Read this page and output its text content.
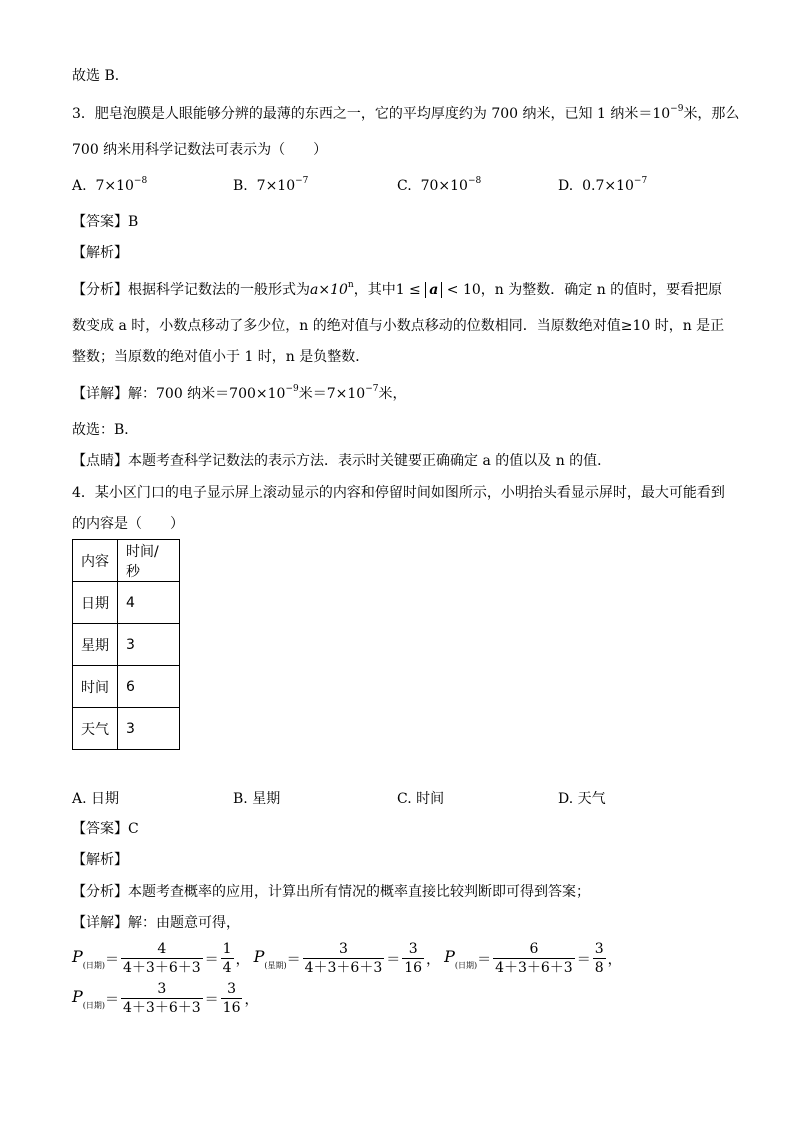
故选 B．
3．肥皂泡膜是人眼能够分辨的最薄的东西之一，它的平均厚度约为 700 纳米，已知 1 纳米$=10^{-9}$米，那么
700 纳米用科学记数法可表示为（　　）
A. $7\times 10^{-8}$	B. $7\times 10^{-7}$	C. $70\times 10^{-8}$	D. $0.7\times 10^{-7}$
【答案】B
【解析】
【分析】根据科学记数法的一般形式为$a\times 10^n$，其中1 ≤ a < 10，n 为整数．确定 n 的值时，要看把原
数变成 a 时，小数点移动了多少位，n 的绝对值与小数点移动的位数相同．当原数绝对值≥10 时，n 是正
整数；当原数的绝对值小于 1 时，n 是负整数．
【详解】解：700 纳米$=700\times 10^{-9}$米$=7\times 10^{-7}$米，
故选：B．
【点睛】本题考查科学记数法的表示方法．表示时关键要正确确定 a 的值以及 n 的值．
4．某小区门口的电子显示屏上滚动显示的内容和停留时间如图所示，小明抬头看显示屏时，最大可能看到
的内容是（　　）
内容	时间/秒
日期	4
星期	3
时间	6
天气	3
A. 日期	B. 星期	C. 时间	D. 天气
【答案】C
【解析】
【分析】本题考查概率的应用，计算出所有情况的概率直接比较判断即可得到答案；
【详解】解：由题意可得，
$P_{(日期)} = \frac{4}{4+3+6+3} = \frac{1}{4}$ ， $P_{(星期)} = \frac{3}{4+3+6+3} = \frac{3}{16}$ ， $P_{(日期)} = \frac{6}{4+3+6+3} = \frac{3}{8}$ ，
$P_{(日期)} = \frac{3}{4+3+6+3} = \frac{3}{16}$ ，
